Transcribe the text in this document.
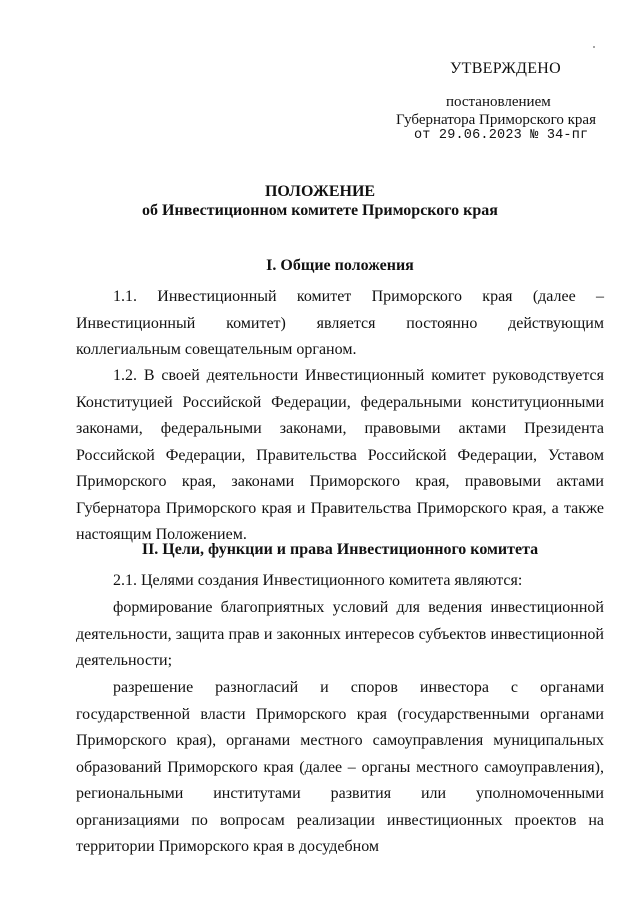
УТВЕРЖДЕНО
постановлением
Губернатора Приморского края
от 29.06.2023 № 34-пг
ПОЛОЖЕНИЕ
об Инвестиционном комитете Приморского края
I. Общие положения

1.1. Инвестиционный комитет Приморского края (далее – Инвестиционный комитет) является постоянно действующим коллегиальным совещательным органом.

1.2. В своей деятельности Инвестиционный комитет руководствуется Конституцией Российской Федерации, федеральными конституционными законами, федеральными законами, правовыми актами Президента Российской Федерации, Правительства Российской Федерации, Уставом Приморского края, законами Приморского края, правовыми актами Губернатора Приморского края и Правительства Приморского края, а также настоящим Положением.

II. Цели, функции и права Инвестиционного комитета

2.1. Целями создания Инвестиционного комитета являются:

формирование благоприятных условий для ведения инвестиционной деятельности, защита прав и законных интересов субъектов инвестиционной деятельности;

разрешение разногласий и споров инвестора с органами государственной власти Приморского края (государственными органами Приморского края), органами местного самоуправления муниципальных образований Приморского края (далее – органы местного самоуправления), региональными институтами развития или уполномоченными организациями по вопросам реализации инвестиционных проектов на территории Приморского края в досудебном
